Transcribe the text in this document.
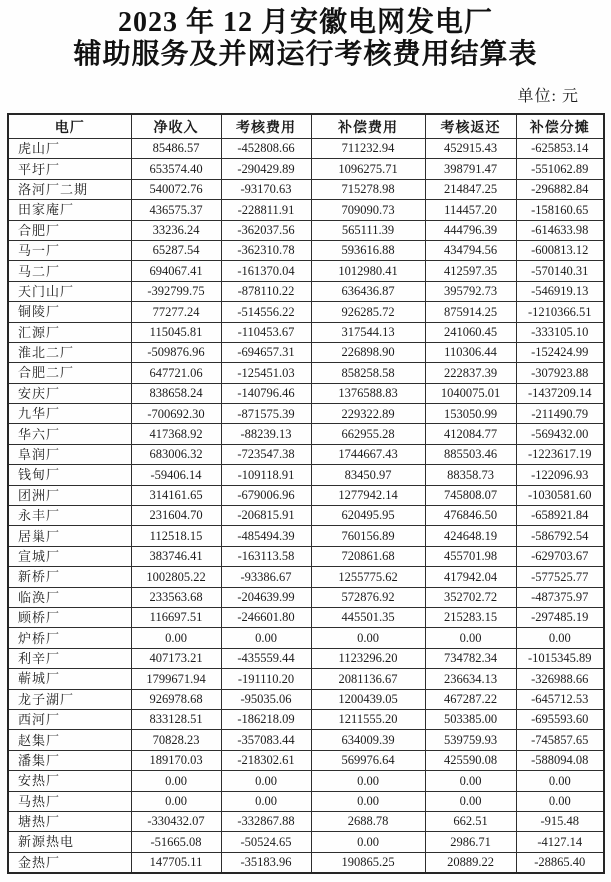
2023 年 12 月安徽电网发电厂
辅助服务及并网运行考核费用结算表
单位: 元
电厂	净收入	考核费用	补偿费用	考核返还	补偿分摊
虎山厂	85486.57	-452808.66	711232.94	452915.43	-625853.14
平圩厂	653574.40	-290429.89	1096275.71	398791.47	-551062.89
洛河厂二期	540072.76	-93170.63	715278.98	214847.25	-296882.84
田家庵厂	436575.37	-228811.91	709090.73	114457.20	-158160.65
合肥厂	33236.24	-362037.56	565111.39	444796.39	-614633.98
马一厂	65287.54	-362310.78	593616.88	434794.56	-600813.12
马二厂	694067.41	-161370.04	1012980.41	412597.35	-570140.31
天门山厂	-392799.75	-878110.22	636436.87	395792.73	-546919.13
铜陵厂	77277.24	-514556.22	926285.72	875914.25	-1210366.51
汇源厂	115045.81	-110453.67	317544.13	241060.45	-333105.10
淮北二厂	-509876.96	-694657.31	226898.90	110306.44	-152424.99
合肥二厂	647721.06	-125451.03	858258.58	222837.39	-307923.88
安庆厂	838658.24	-140796.46	1376588.83	1040075.01	-1437209.14
九华厂	-700692.30	-871575.39	229322.89	153050.99	-211490.79
华六厂	417368.92	-88239.13	662955.28	412084.77	-569432.00
阜润厂	683006.32	-723547.38	1744667.43	885503.46	-1223617.19
钱甸厂	-59406.14	-109118.91	83450.97	88358.73	-122096.93
团洲厂	314161.65	-679006.96	1277942.14	745808.07	-1030581.60
永丰厂	231604.70	-206815.91	620495.95	476846.50	-658921.84
居巢厂	112518.15	-485494.39	760156.89	424648.19	-586792.54
宣城厂	383746.41	-163113.58	720861.68	455701.98	-629703.67
新桥厂	1002805.22	-93386.67	1255775.62	417942.04	-577525.77
临涣厂	233563.68	-204639.99	572876.92	352702.72	-487375.97
顾桥厂	116697.51	-246601.80	445501.35	215283.15	-297485.19
炉桥厂	0.00	0.00	0.00	0.00	0.00
利辛厂	407173.21	-435559.44	1123296.20	734782.34	-1015345.89
蕲城厂	1799671.94	-191110.20	2081136.67	236634.13	-326988.66
龙子湖厂	926978.68	-95035.06	1200439.05	467287.22	-645712.53
西河厂	833128.51	-186218.09	1211555.20	503385.00	-695593.60
赵集厂	70828.23	-357083.44	634009.39	539759.93	-745857.65
潘集厂	189170.03	-218302.61	569976.64	425590.08	-588094.08
安热厂	0.00	0.00	0.00	0.00	0.00
马热厂	0.00	0.00	0.00	0.00	0.00
塘热厂	-330432.07	-332867.88	2688.78	662.51	-915.48
新源热电	-51665.08	-50524.65	0.00	2986.71	-4127.14
金热厂	147705.11	-35183.96	190865.25	20889.22	-28865.40
